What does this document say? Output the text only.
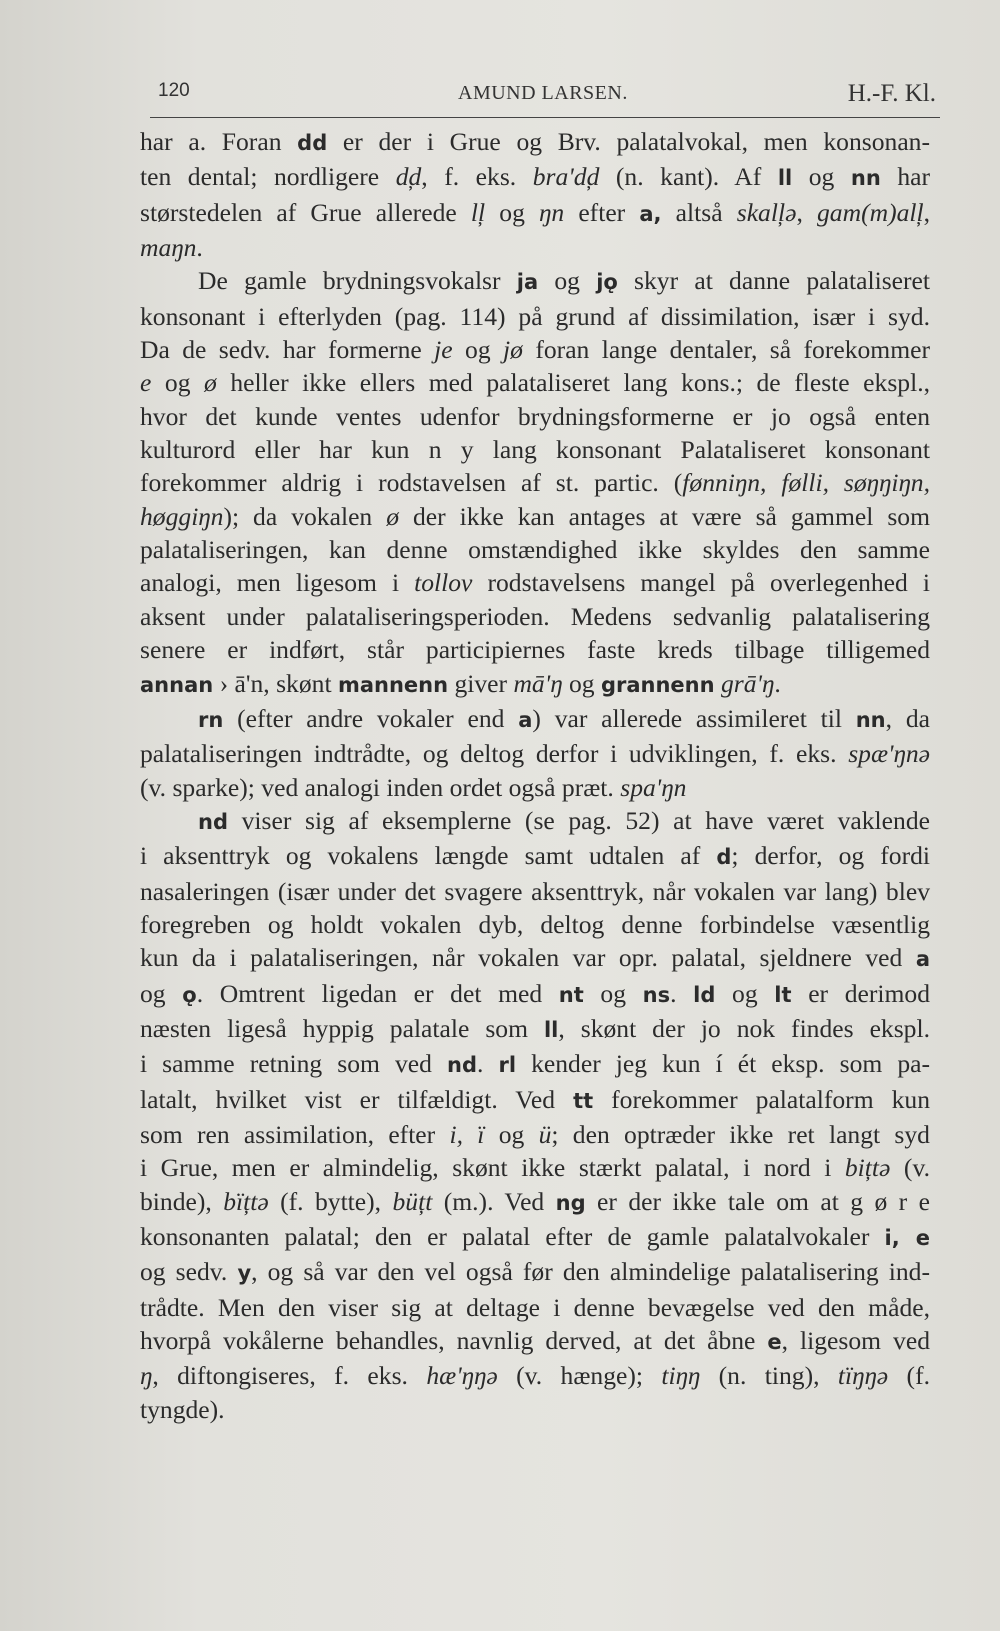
120	AMUND LARSEN.	H.-F. Kl.
har a. Foran dd er der i Grue og Brv. palatalvokal, men konsonan-
ten dental; nordligere d̦d, f. eks. bra'd̦d (n. kant). Af ll og nn har
størstedelen af Grue allerede l̦l og ŋn efter a, altså skal̦lə, gam(m)al̦l,
maŋn.
De gamle brydningsvokalsr ja og jǫ skyr at danne palataliseret
konsonant i efterlyden (pag. 114) på grund af dissimilation, især i syd.
Da de sedv. har formerne je og jø foran lange dentaler, så forekommer
e og ø heller ikke ellers med palataliseret lang kons.; de fleste ekspl.,
hvor det kunde ventes udenfor brydningsformerne er jo også enten
kulturord eller har kun n y lang konsonant Palataliseret konsonant
forekommer aldrig i rodstavelsen af st. partic. (fønniŋn, følli, søŋŋiŋn,
høggiŋn); da vokalen ø der ikke kan antages at være så gammel som
palataliseringen, kan denne omstændighed ikke skyldes den samme
analogi, men ligesom i tollov rodstavelsens mangel på overlegenhed i
aksent under palataliseringsperioden. Medens sedvanlig palatalisering
senere er indført, står participiernes faste kreds tilbage tilligemed
annan › ā'n, skønt mannenn giver mā'ŋ og grannenn grā'ŋ.
rn (efter andre vokaler end a) var allerede assimileret til nn, da
palataliseringen indtrådte, og deltog derfor i udviklingen, f. eks. spæ'ŋnə
(v. sparke); ved analogi inden ordet også præt. spa'ŋn
nd viser sig af eksemplerne (se pag. 52) at have været vaklende
i aksenttryk og vokalens længde samt udtalen af d; derfor, og fordi
nasaleringen (især under det svagere aksenttryk, når vokalen var lang) blev
foregreben og holdt vokalen dyb, deltog denne forbindelse væsentlig
kun da i palataliseringen, når vokalen var opr. palatal, sjeldnere ved a
og ǫ. Omtrent ligedan er det med nt og ns. ld og lt er derimod
næsten ligeså hyppig palatale som ll, skønt der jo nok findes ekspl.
i samme retning som ved nd. rl kender jeg kun í ét eksp. som pa-
latalt, hvilket vist er tilfældigt. Ved tt forekommer palatalform kun
som ren assimilation, efter i, ï og ü; den optræder ikke ret langt syd
i Grue, men er almindelig, skønt ikke stærkt palatal, i nord i bițtə (v.
binde), bïțtə (f. bytte), büțt (m.). Ved ng er der ikke tale om at g ø r e
konsonanten palatal; den er palatal efter de gamle palatalvokaler i, e
og sedv. y, og så var den vel også før den almindelige palatalisering ind-
trådte. Men den viser sig at deltage i denne bevægelse ved den måde,
hvorpå vokålerne behandles, navnlig derved, at det åbne e, ligesom ved
ŋ, diftongiseres, f. eks. hæ'ŋŋə (v. hænge); tiŋŋ (n. ting), tïŋŋə (f.
tyngde).
